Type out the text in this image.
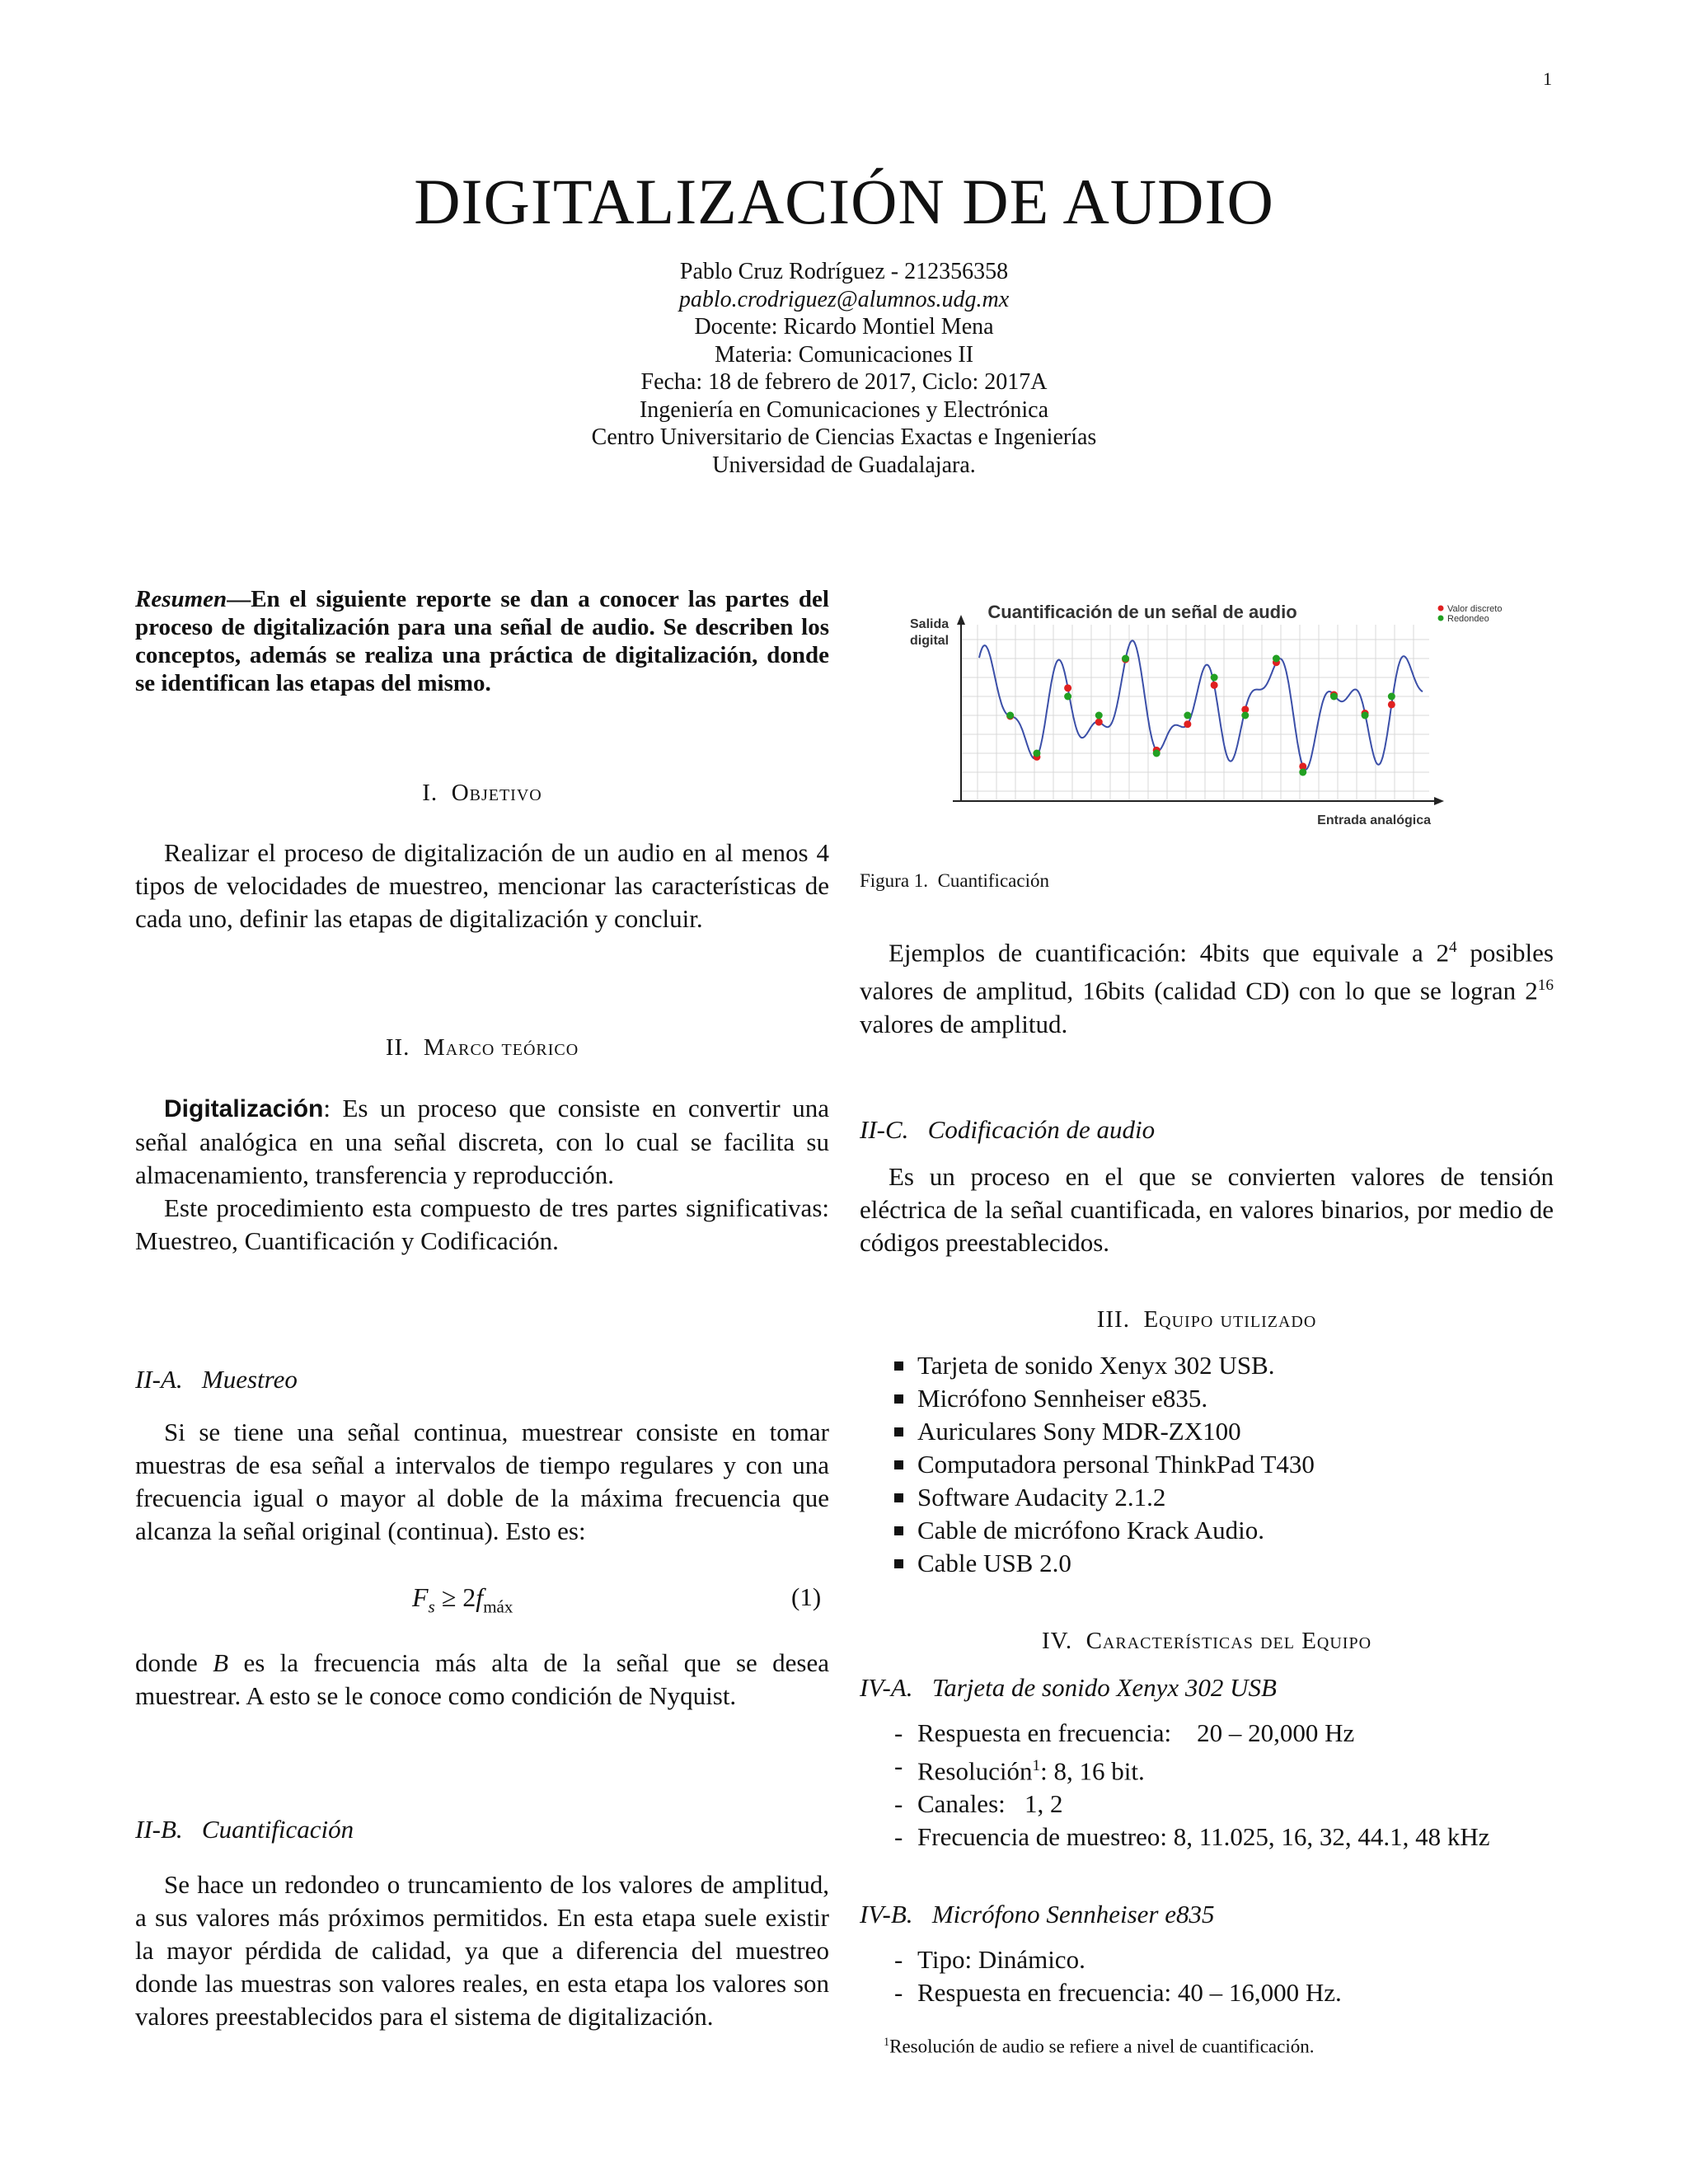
1
DIGITALIZACIÓN DE AUDIO
Pablo Cruz Rodríguez - 212356358
pablo.crodriguez@alumnos.udg.mx
Docente: Ricardo Montiel Mena
Materia: Comunicaciones II
Fecha: 18 de febrero de 2017, Ciclo: 2017A
Ingeniería en Comunicaciones y Electrónica
Centro Universitario de Ciencias Exactas e Ingenierías
Universidad de Guadalajara.
Resumen—En el siguiente reporte se dan a conocer las partes del proceso de digitalización para una señal de audio. Se describen los conceptos, además se realiza una práctica de digitalización, donde se identifican las etapas del mismo.
I. Objetivo
Realizar el proceso de digitalización de un audio en al menos 4 tipos de velocidades de muestreo, mencionar las características de cada uno, definir las etapas de digitalización y concluir.
II. Marco teórico

Digitalización: Es un proceso que consiste en convertir una señal analógica en una señal discreta, con lo cual se facilita su almacenamiento, transferencia y reproducción.

Este procedimiento esta compuesto de tres partes significativas: Muestreo, Cuantificación y Codificación.

II-A. Muestreo
Si se tiene una señal continua, muestrear consiste en tomar muestras de esa señal a intervalos de tiempo regulares y con una frecuencia igual o mayor al doble de la máxima frecuencia que alcanza la señal original (continua). Esto es:
$F_s \ge 2f_{máx}$	(1)
donde B es la frecuencia más alta de la señal que se desea muestrear. A esto se le conoce como condición de Nyquist.
II-B. Cuantificación
Se hace un redondeo o truncamiento de los valores de amplitud, a sus valores más próximos permitidos. En esta etapa suele existir la mayor pérdida de calidad, ya que a diferencia del muestreo donde las muestras son valores reales, en esta etapa los valores son valores preestablecidos para el sistema de digitalización.
Cuantificación de un señal de audio
Salida
digital
Entrada analógica
Valor discreto
Redondeo
Figura 1. Cuantificación
Ejemplos de cuantificación: 4bits que equivale a $2^4$ posibles valores de amplitud, 16bits (calidad CD) con lo que se logran $2^{16}$ valores de amplitud.
II-C. Codificación de audio
Es un proceso en el que se convierten valores de tensión eléctrica de la señal cuantificada, en valores binarios, por medio de códigos preestablecidos.
III. Equipo utilizado
Tarjeta de sonido Xenyx 302 USB.
Micrófono Sennheiser e835.
Auriculares Sony MDR-ZX100
Computadora personal ThinkPad T430
Software Audacity 2.1.2
Cable de micrófono Krack Audio.
Cable USB 2.0
IV. Características del Equipo
IV-A. Tarjeta de sonido Xenyx 302 USB
- Respuesta en frecuencia: 20 – 20,000 Hz
- Resolución$^1$: 8, 16 bit.
- Canales: 1, 2
- Frecuencia de muestreo: 8, 11.025, 16, 32, 44.1, 48 kHz
IV-B. Micrófono Sennheiser e835
- Tipo: Dinámico.
- Respuesta en frecuencia: 40 – 16,000 Hz.
$^1$Resolución de audio se refiere a nivel de cuantificación.
